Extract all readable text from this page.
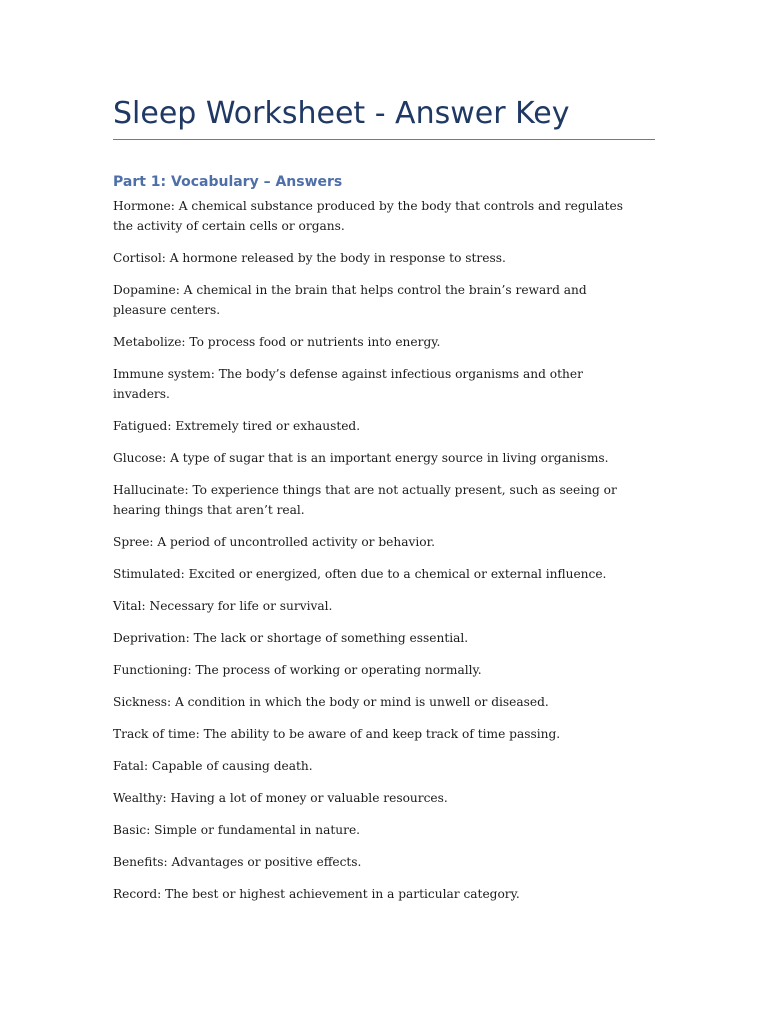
Sleep Worksheet - Answer Key
Part 1: Vocabulary – Answers
Hormone: A chemical substance produced by the body that controls and regulates the activity of certain cells or organs.
Cortisol: A hormone released by the body in response to stress.
Dopamine: A chemical in the brain that helps control the brain’s reward and pleasure centers.
Metabolize: To process food or nutrients into energy.
Immune system: The body’s defense against infectious organisms and other invaders.
Fatigued: Extremely tired or exhausted.
Glucose: A type of sugar that is an important energy source in living organisms.
Hallucinate: To experience things that are not actually present, such as seeing or hearing things that aren’t real.
Spree: A period of uncontrolled activity or behavior.
Stimulated: Excited or energized, often due to a chemical or external influence.
Vital: Necessary for life or survival.
Deprivation: The lack or shortage of something essential.
Functioning: The process of working or operating normally.
Sickness: A condition in which the body or mind is unwell or diseased.
Track of time: The ability to be aware of and keep track of time passing.
Fatal: Capable of causing death.
Wealthy: Having a lot of money or valuable resources.
Basic: Simple or fundamental in nature.
Benefits: Advantages or positive effects.
Record: The best or highest achievement in a particular category.
